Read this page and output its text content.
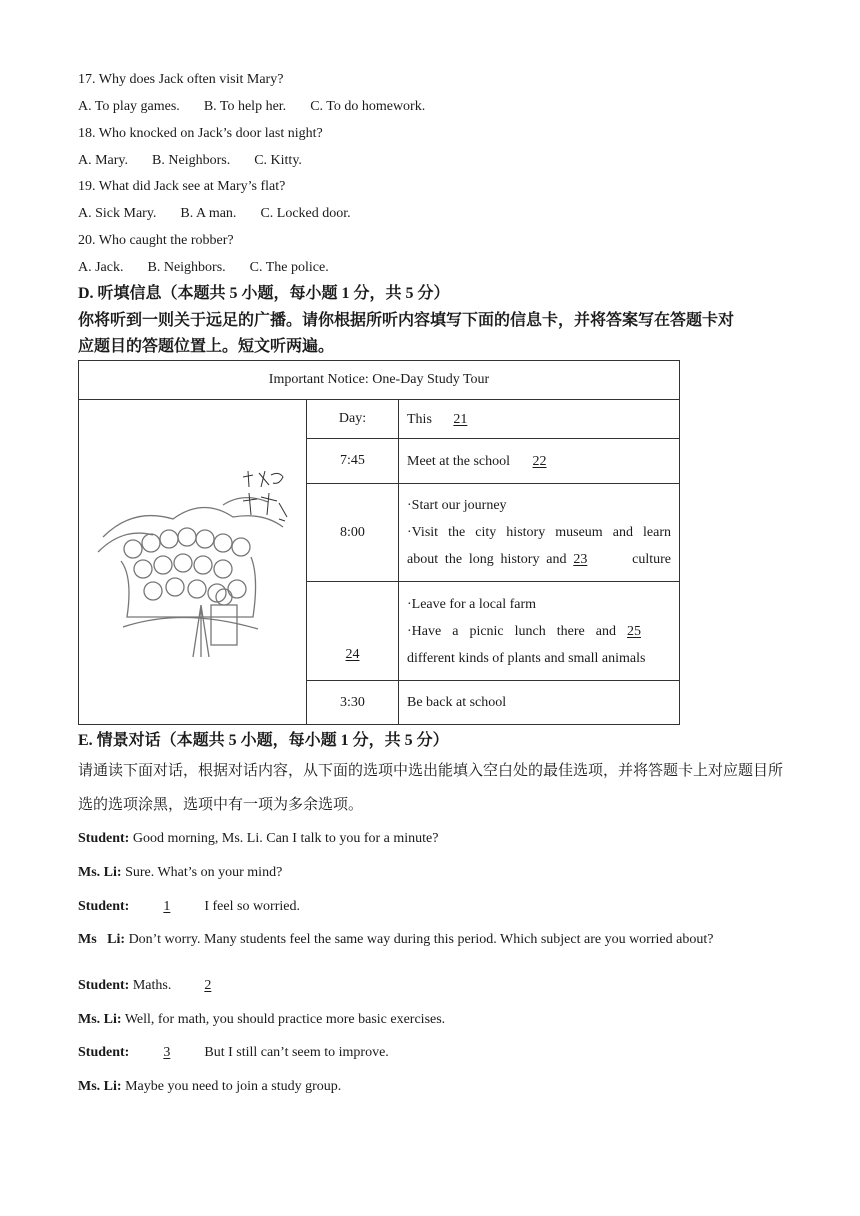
17. Why does Jack often visit Mary?
A. To play games. B. To help her. C. To do homework.
18. Who knocked on Jack’s door last night?
A. Mary. B. Neighbors. C. Kitty.
19. What did Jack see at Mary’s flat?
A. Sick Mary. B. A man. C. Locked door.
20. Who caught the robber?
A. Jack. B. Neighbors. C. The police.
D. 听填信息（本题共 5 小题，每小题 1 分，共 5 分）
你将听到一则关于远足的广播。请你根据所听内容填写下面的信息卡，并将答案写在答题卡对
应题目的答题位置上。短文听两遍。
Important Notice: One-Day Study Tour		

	Day:	This 21
	7:45	Meet at the school 22
	8:00	·Start our journey
·Visit the city history museum and learn
about the long history and 23 culture

	24	·Leave for a local farm
·Have a picnic lunch there and 25
different kinds of plants and small animals

	3:30	Be back at school
E. 情景对话（本题共 5 小题，每小题 1 分，共 5 分）
请通读下面对话，根据对话内容，从下面的选项中选出能填入空白处的最佳选项，并将答题卡上对应题目所
选的选项涂黑，选项中有一项为多余选项。
Student: Good morning, Ms. Li. Can I talk to you for a minute?
Ms. Li: Sure. What’s on your mind?
Student: 1 I feel so worried.
Ms   Li: Don’t worry. Many students feel the same way during this period. Which subject are you worried about?
Student: Maths. 2
Ms. Li: Well, for math, you should practice more basic exercises.
Student: 3 But I still can’t seem to improve.
Ms. Li: Maybe you need to join a study group.
